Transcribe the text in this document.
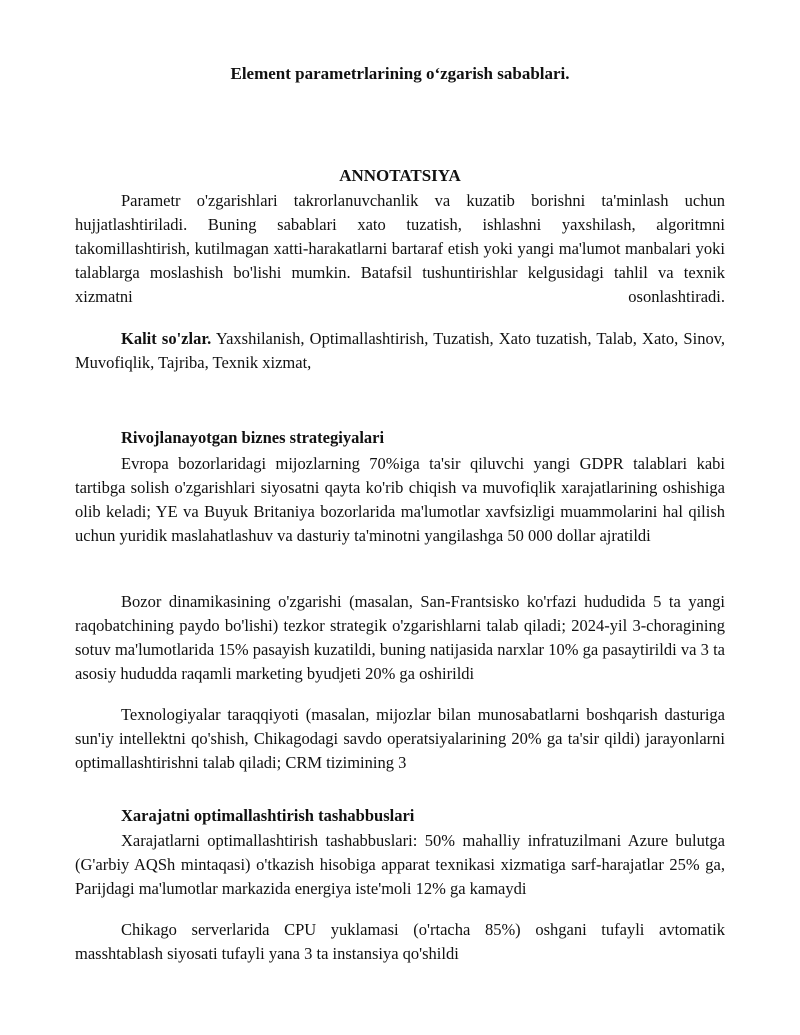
Element parametrlarining o‘zgarish sabablari.
ANNOTATSIYA

Parametr o'zgarishlari takrorlanuvchanlik va kuzatib borishni ta'minlash uchun hujjatlashtiriladi. Buning sabablari xato tuzatish, ishlashni yaxshilash, algoritmni takomillashtirish, kutilmagan xatti-harakatlarni bartaraf etish yoki yangi ma'lumot manbalari yoki talablarga moslashish bo'lishi mumkin. Batafsil tushuntirishlar kelgusidagi tahlil va texnik xizmatni osonlashtiradi.

Kalit so'zlar. Yaxshilanish, Optimallashtirish, Tuzatish, Xato tuzatish, Talab, Xato, Sinov, Muvofiqlik, Tajriba, Texnik xizmat,

Rivojlanayotgan biznes strategiyalari

Evropa bozorlaridagi mijozlarning 70%iga ta'sir qiluvchi yangi GDPR talablari kabi tartibga solish o'zgarishlari siyosatni qayta ko'rib chiqish va muvofiqlik xarajatlarining oshishiga olib keladi; YE va Buyuk Britaniya bozorlarida ma'lumotlar xavfsizligi muammolarini hal qilish uchun yuridik maslahatlashuv va dasturiy ta'minotni yangilashga 50 000 dollar ajratildi

Bozor dinamikasining o'zgarishi (masalan, San-Frantsisko ko'rfazi hududida 5 ta yangi raqobatchining paydo bo'lishi) tezkor strategik o'zgarishlarni talab qiladi; 2024-yil 3-choragining sotuv ma'lumotlarida 15% pasayish kuzatildi, buning natijasida narxlar 10% ga pasaytirildi va 3 ta asosiy hududda raqamli marketing byudjeti 20% ga oshirildi

Texnologiyalar taraqqiyoti (masalan, mijozlar bilan munosabatlarni boshqarish dasturiga sun'iy intellektni qo'shish, Chikagodagi savdo operatsiyalarining 20% ga ta'sir qildi) jarayonlarni optimallashtirishni talab qiladi; CRM tizimining 3

Xarajatni optimallashtirish tashabbuslari

Xarajatlarni optimallashtirish tashabbuslari: 50% mahalliy infratuzilmani Azure bulutga (G'arbiy AQSh mintaqasi) o'tkazish hisobiga apparat texnikasi xizmatiga sarf-harajatlar 25% ga, Parijdagi ma'lumotlar markazida energiya iste'moli 12% ga kamaydi

Chikago serverlarida CPU yuklamasi (o'rtacha 85%) oshgani tufayli avtomatik masshtablash siyosati tufayli yana 3 ta instansiya qo'shildi
